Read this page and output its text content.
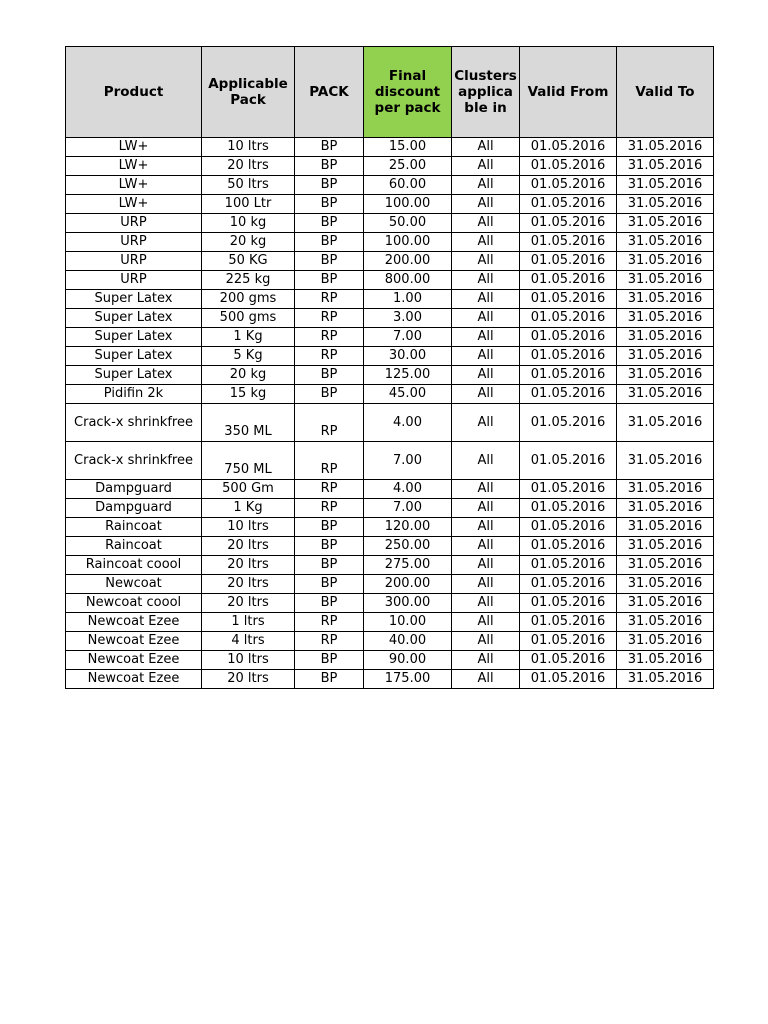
Product	Applicable Pack	PACK	Final discount per pack	Clusters applica ble in	Valid From	Valid To
LW+	10 ltrs	BP	15.00	All	01.05.2016	31.05.2016
LW+	20 ltrs	BP	25.00	All	01.05.2016	31.05.2016
LW+	50 ltrs	BP	60.00	All	01.05.2016	31.05.2016
LW+	100 Ltr	BP	100.00	All	01.05.2016	31.05.2016
URP	10 kg	BP	50.00	All	01.05.2016	31.05.2016
URP	20 kg	BP	100.00	All	01.05.2016	31.05.2016
URP	50 KG	BP	200.00	All	01.05.2016	31.05.2016
URP	225 kg	BP	800.00	All	01.05.2016	31.05.2016
Super Latex	200 gms	RP	1.00	All	01.05.2016	31.05.2016
Super Latex	500 gms	RP	3.00	All	01.05.2016	31.05.2016
Super Latex	1 Kg	RP	7.00	All	01.05.2016	31.05.2016
Super Latex	5 Kg	RP	30.00	All	01.05.2016	31.05.2016
Super Latex	20 kg	BP	125.00	All	01.05.2016	31.05.2016
Pidifin 2k	15 kg	BP	45.00	All	01.05.2016	31.05.2016
Crack-x shrinkfree	350 ML	RP	4.00	All	01.05.2016	31.05.2016
Crack-x shrinkfree	750 ML	RP	7.00	All	01.05.2016	31.05.2016
Dampguard	500 Gm	RP	4.00	All	01.05.2016	31.05.2016
Dampguard	1 Kg	RP	7.00	All	01.05.2016	31.05.2016
Raincoat	10 ltrs	BP	120.00	All	01.05.2016	31.05.2016
Raincoat	20 ltrs	BP	250.00	All	01.05.2016	31.05.2016
Raincoat coool	20 ltrs	BP	275.00	All	01.05.2016	31.05.2016
Newcoat	20 ltrs	BP	200.00	All	01.05.2016	31.05.2016
Newcoat coool	20 ltrs	BP	300.00	All	01.05.2016	31.05.2016
Newcoat Ezee	1 ltrs	RP	10.00	All	01.05.2016	31.05.2016
Newcoat Ezee	4 ltrs	RP	40.00	All	01.05.2016	31.05.2016
Newcoat Ezee	10 ltrs	BP	90.00	All	01.05.2016	31.05.2016
Newcoat Ezee	20 ltrs	BP	175.00	All	01.05.2016	31.05.2016
